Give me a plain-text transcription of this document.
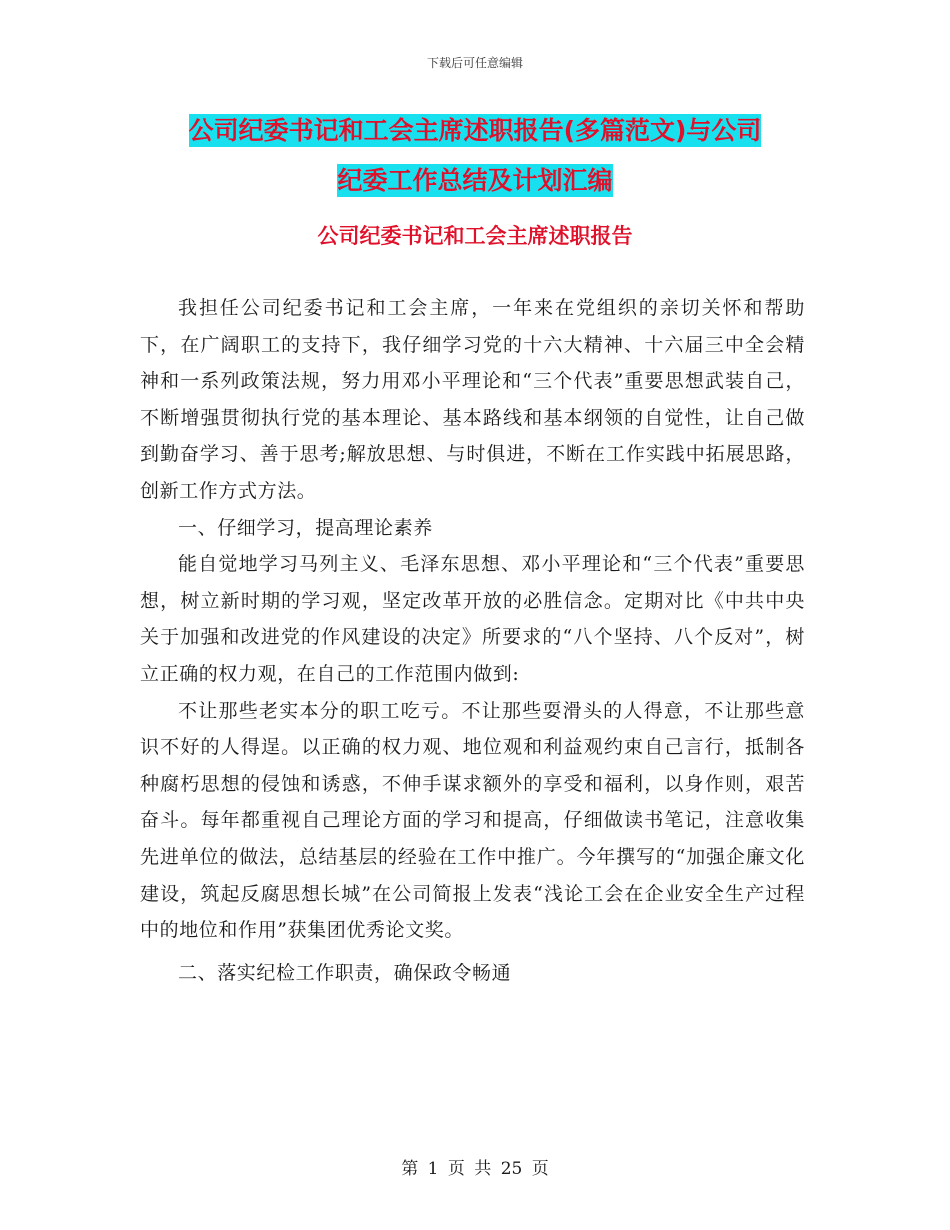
下载后可任意编辑
公司纪委书记和工会主席述职报告(多篇范文)与公司
纪委工作总结及计划汇编
公司纪委书记和工会主席述职报告

我担任公司纪委书记和工会主席，一年来在党组织的亲切关怀和帮助下，在广阔职工的支持下，我仔细学习党的十六大精神、十六届三中全会精神和一系列政策法规，努力用邓小平理论和“三个代表”重要思想武装自己，不断增强贯彻执行党的基本理论、基本路线和基本纲领的自觉性，让自己做到勤奋学习、善于思考;解放思想、与时俱进，不断在工作实践中拓展思路，创新工作方式方法。

一、仔细学习，提高理论素养

能自觉地学习马列主义、毛泽东思想、邓小平理论和“三个代表”重要思想，树立新时期的学习观，坚定改革开放的必胜信念。定期对比《中共中央关于加强和改进党的作风建设的决定》所要求的“八个坚持、八个反对”，树立正确的权力观，在自己的工作范围内做到:

不让那些老实本分的职工吃亏。不让那些耍滑头的人得意，不让那些意识不好的人得逞。以正确的权力观、地位观和利益观约束自己言行，抵制各种腐朽思想的侵蚀和诱惑，不伸手谋求额外的享受和福利，以身作则，艰苦奋斗。每年都重视自己理论方面的学习和提高，仔细做读书笔记，注意收集先进单位的做法，总结基层的经验在工作中推广。今年撰写的“加强企廉文化建设，筑起反腐思想长城”在公司简报上发表“浅论工会在企业安全生产过程中的地位和作用”获集团优秀论文奖。

二、落实纪检工作职责，确保政令畅通

第 1 页 共 25 页
